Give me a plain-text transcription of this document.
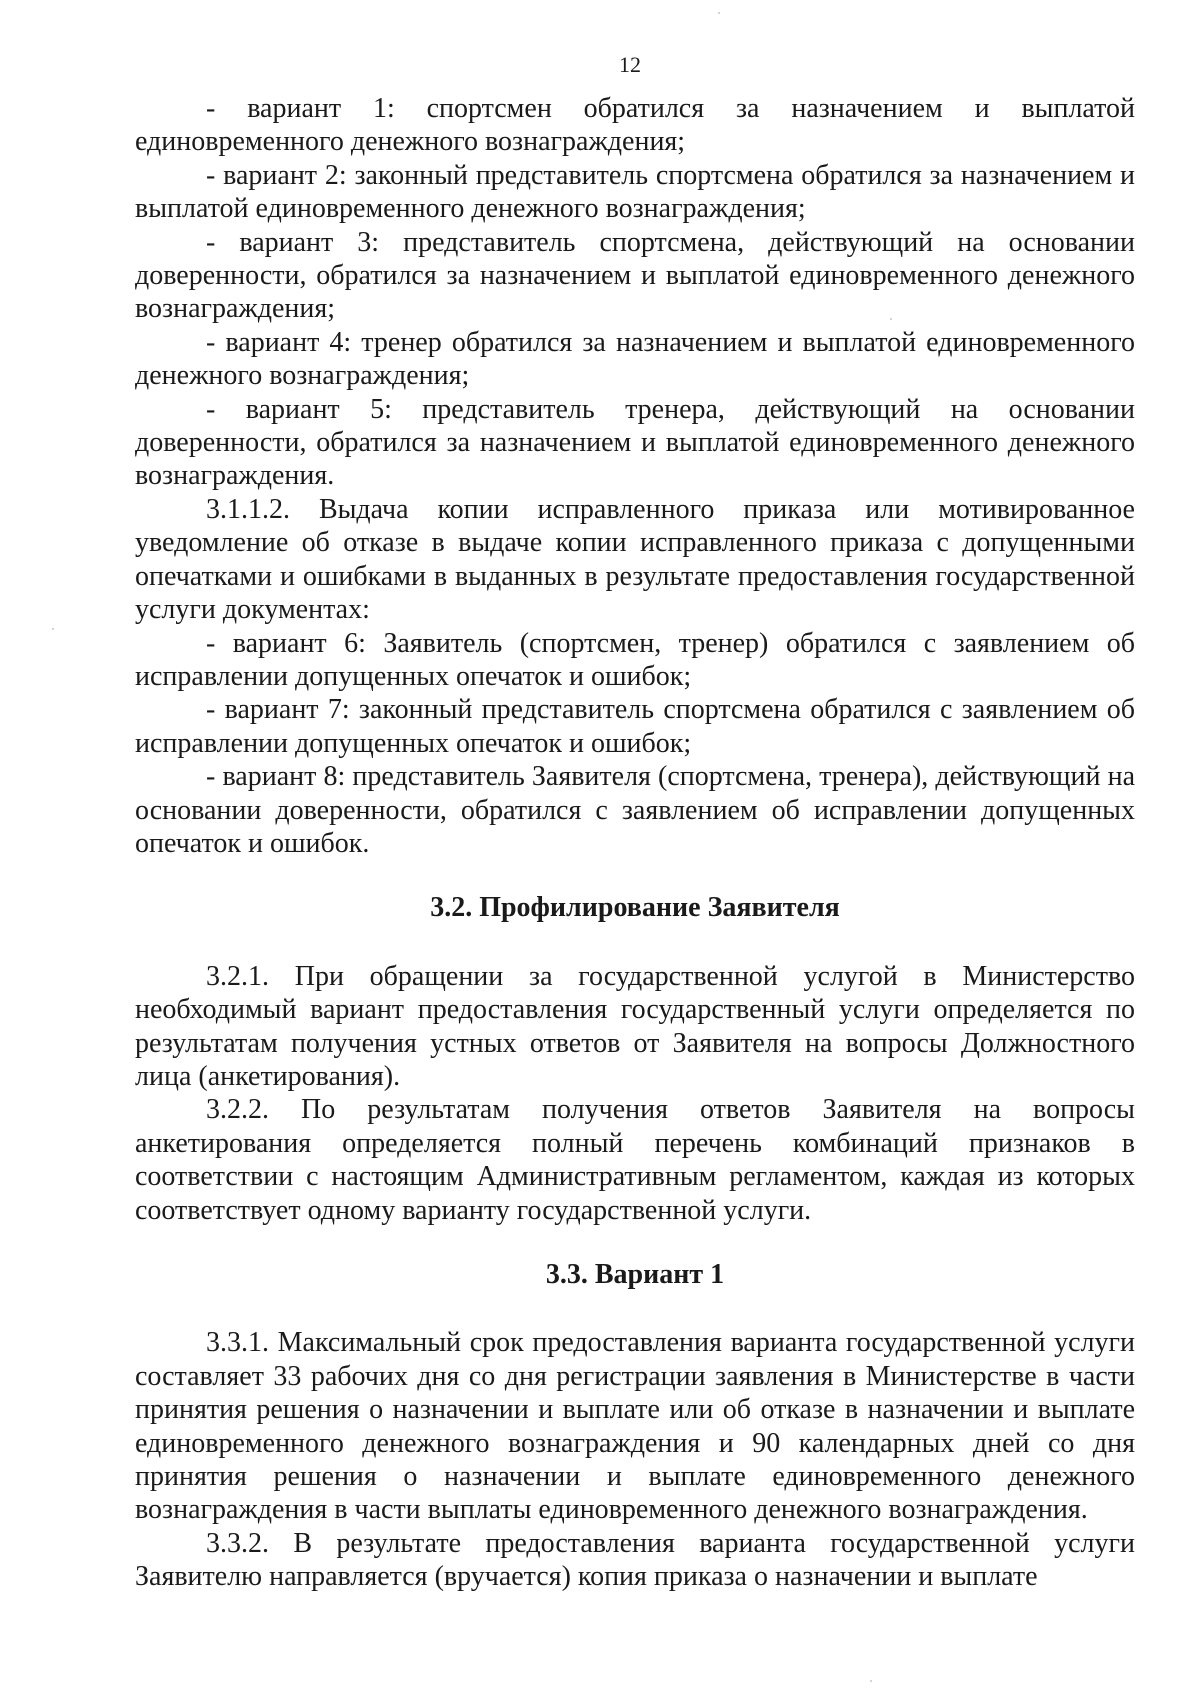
12

- вариант 1: спортсмен обратился за назначением и выплатой единовременного денежного вознаграждения;

- вариант 2: законный представитель спортсмена обратился за назначением и выплатой единовременного денежного вознаграждения;

- вариант 3: представитель спортсмена, действующий на основании доверенности, обратился за назначением и выплатой единовременного денежного вознаграждения;

- вариант 4: тренер обратился за назначением и выплатой единовременного денежного вознаграждения;

- вариант 5: представитель тренера, действующий на основании доверенности, обратился за назначением и выплатой единовременного денежного вознаграждения.

3.1.1.2. Выдача копии исправленного приказа или мотивированное уведомление об отказе в выдаче копии исправленного приказа с допущенными опечатками и ошибками в выданных в результате предоставления государственной услуги документах:

- вариант 6: Заявитель (спортсмен, тренер) обратился с заявлением об исправлении допущенных опечаток и ошибок;

- вариант 7: законный представитель спортсмена обратился с заявлением об исправлении допущенных опечаток и ошибок;

- вариант 8: представитель Заявителя (спортсмена, тренера), действующий на основании доверенности, обратился с заявлением об исправлении допущенных опечаток и ошибок.

3.2. Профилирование Заявителя

3.2.1. При обращении за государственной услугой в Министерство необходимый вариант предоставления государственный услуги определяется по результатам получения устных ответов от Заявителя на вопросы Должностного лица (анкетирования).

3.2.2. По результатам получения ответов Заявителя на вопросы анкетирования определяется полный перечень комбинаций признаков в соответствии с настоящим Административным регламентом, каждая из которых соответствует одному варианту государственной услуги.

3.3. Вариант 1

3.3.1. Максимальный срок предоставления варианта государственной услуги составляет 33 рабочих дня со дня регистрации заявления в Министерстве в части принятия решения о назначении и выплате или об отказе в назначении и выплате единовременного денежного вознаграждения и 90 календарных дней со дня принятия решения о назначении и выплате единовременного денежного вознаграждения в части выплаты единовременного денежного вознаграждения.

3.3.2. В результате предоставления варианта государственной услуги Заявителю направляется (вручается) копия приказа о назначении и выплате
